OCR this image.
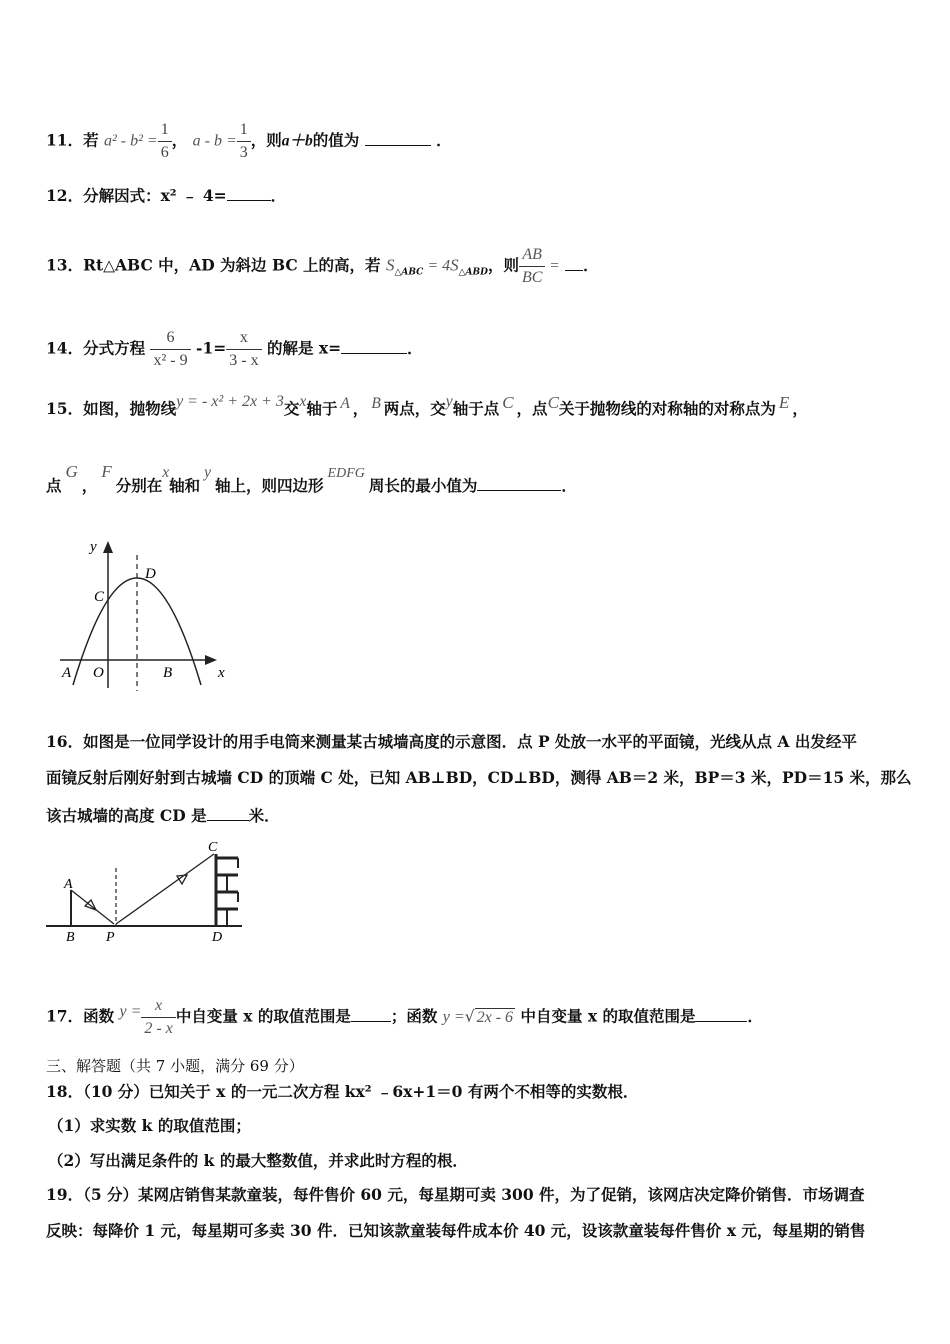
11．若 $a^2 - b^2 = \frac{1}{6}$ ， $a - b = \frac{1}{3}$ ，则a＋b的值为	．
12．分解因式：x² ﹣ 4=	．
13．Rt△ABC 中，AD 为斜边 BC 上的高，若 $S_{\triangle ABC} = 4S_{\triangle ABD}$，则 $\frac{AB}{BC}$ = ．
14．分式方程 $\frac{6}{\text{x² - 9}} -1= \frac{x}{3 - x}$ 的解是 x=	．
15．如图，抛物线y = - x² + 2x + 3交x轴于 A ， B 两点，交y轴于点 C ，点C关于抛物线的对称轴的对称点为 E ，
点G，F分别在x轴和y轴上，则四边形EDFG周长的最小值为	．
y
x
A O	B
C
D
16．如图是一位同学设计的用手电筒来测量某古城墙高度的示意图．点 P 处放一水平的平面镜，光线从点 A 出发经平
面镜反射后刚好射到古城墙 CD 的顶端 C 处，已知 AB⊥BD，CD⊥BD，测得 AB＝2 米，BP＝3 米，PD＝15 米，那么
该古城墙的高度 CD 是	米．
A
B P
C
D
17．函数 $y = \frac{x}{2 - x}$ 中自变量 x 的取值范围是	；函数 y =√ 2x - 6 中自变量 x 的取值范围是	．
三、解答题（共 7 小题，满分 69 分）
18．（10 分）已知关于 x 的一元二次方程 kx² ﹣6x+1＝0 有两个不相等的实数根．
（1）求实数 k 的取值范围；
（2）写出满足条件的 k 的最大整数值，并求此时方程的根．
19．（5 分）某网店销售某款童装，每件售价 60 元，每星期可卖 300 件，为了促销，该网店决定降价销售．市场调查
反映：每降价 1 元，每星期可多卖 30 件．已知该款童装每件成本价 40 元，设该款童装每件售价 x 元，每星期的销售
